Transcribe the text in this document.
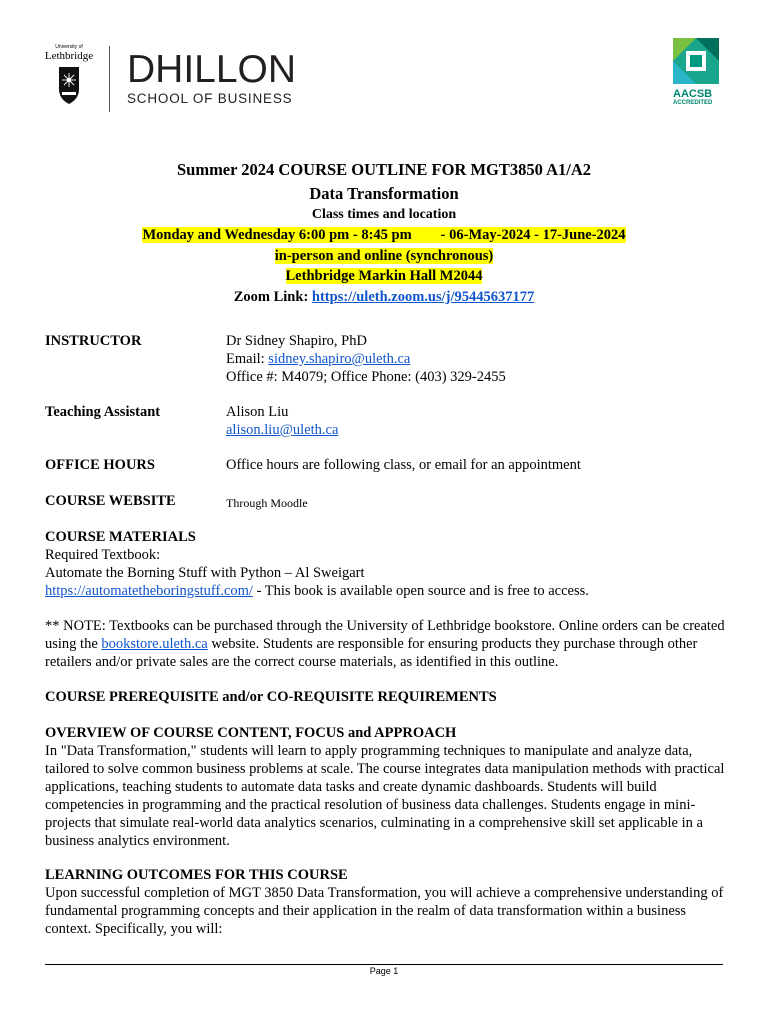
University of
Lethbridge DHILLON
SCHOOL OF BUSINESS	AACSB
ACCREDITED
Summer 2024 COURSE OUTLINE FOR MGT3850 A1/A2
Data Transformation
Class times and location
Monday and Wednesday 6:00 pm - 8:45 pm        - 06-May-2024 - 17-June-2024
in-person and online (synchronous)
Lethbridge Markin Hall M2044
Zoom Link: https://uleth.zoom.us/j/95445637177
INSTRUCTOR	Dr Sidney Shapiro, PhD
Email: sidney.shapiro@uleth.ca
Office #: M4079; Office Phone: (403) 329-2455
Teaching Assistant	Alison Liu
alison.liu@uleth.ca
OFFICE HOURS	Office hours are following class, or email for an appointment
COURSE WEBSITE	Through Moodle
COURSE MATERIALS
Required Textbook:
Automate the Borning Stuff with Python – Al Sweigart
https://automatetheboringstuff.com/ - This book is available open source and is free to access.
** NOTE: Textbooks can be purchased through the University of Lethbridge bookstore. Online orders can be created using the bookstore.uleth.ca website. Students are responsible for ensuring products they purchase through other retailers and/or private sales are the correct course materials, as identified in this outline.
COURSE PREREQUISITE and/or CO-REQUISITE REQUIREMENTS
OVERVIEW OF COURSE CONTENT, FOCUS and APPROACH
In "Data Transformation," students will learn to apply programming techniques to manipulate and analyze data, tailored to solve common business problems at scale. The course integrates data manipulation methods with practical applications, teaching students to automate data tasks and create dynamic dashboards. Students will build competencies in programming and the practical resolution of business data challenges. Students engage in mini-projects that simulate real-world data analytics scenarios, culminating in a comprehensive skill set applicable in a business analytics environment.
LEARNING OUTCOMES FOR THIS COURSE
Upon successful completion of MGT 3850 Data Transformation, you will achieve a comprehensive understanding of fundamental programming concepts and their application in the realm of data transformation within a business context. Specifically, you will:
Page 1
